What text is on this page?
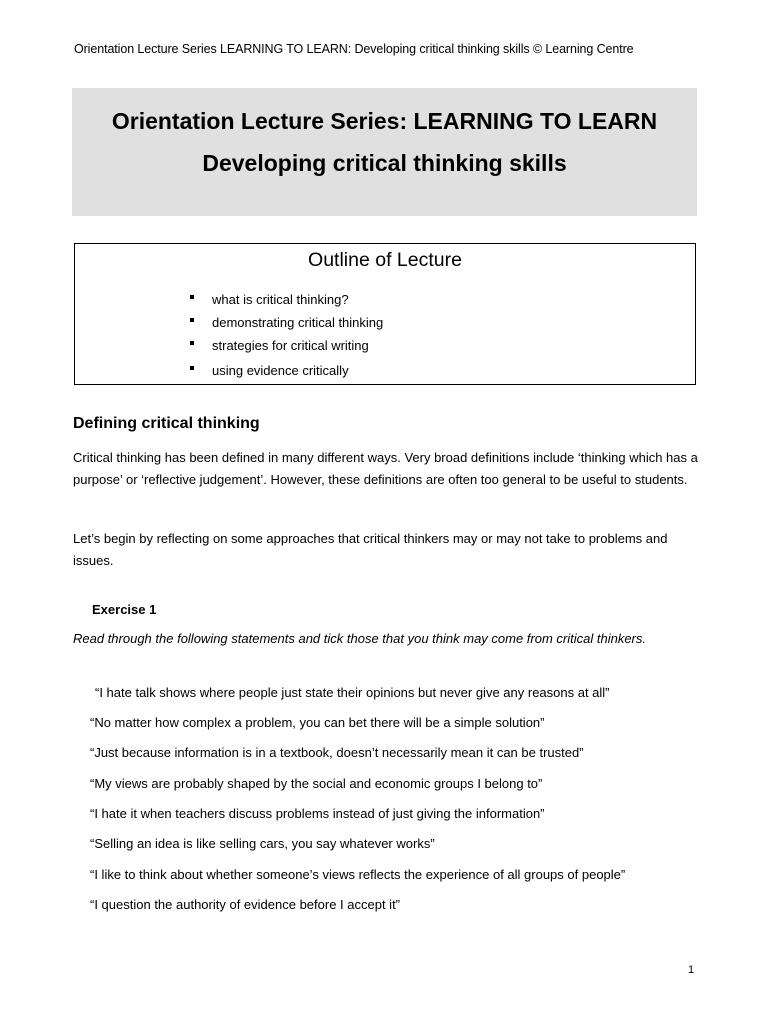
Orientation Lecture Series LEARNING TO LEARN: Developing critical thinking skills © Learning Centre
Orientation Lecture Series: LEARNING TO LEARN
Developing critical thinking skills
Outline of Lecture
what is critical thinking?
demonstrating critical thinking
strategies for critical writing
using evidence critically
Defining critical thinking

Critical thinking has been defined in many different ways. Very broad definitions include ‘thinking which has a purpose’ or ‘reflective judgement’. However, these definitions are often too general to be useful to students.

Let’s begin by reflecting on some approaches that critical thinkers may or may not take to problems and issues.

Exercise 1

Read through the following statements and tick those that you think may come from critical thinkers.

“I hate talk shows where people just state their opinions but never give any reasons at all”
“No matter how complex a problem, you can bet there will be a simple solution”
“Just because information is in a textbook, doesn’t necessarily mean it can be trusted”
“My views are probably shaped by the social and economic groups I belong to”
“I hate it when teachers discuss problems instead of just giving the information”
“Selling an idea is like selling cars, you say whatever works”
“I like to think about whether someone’s views reflects the experience of all groups of people”
“I question the authority of evidence before I accept it”
1
